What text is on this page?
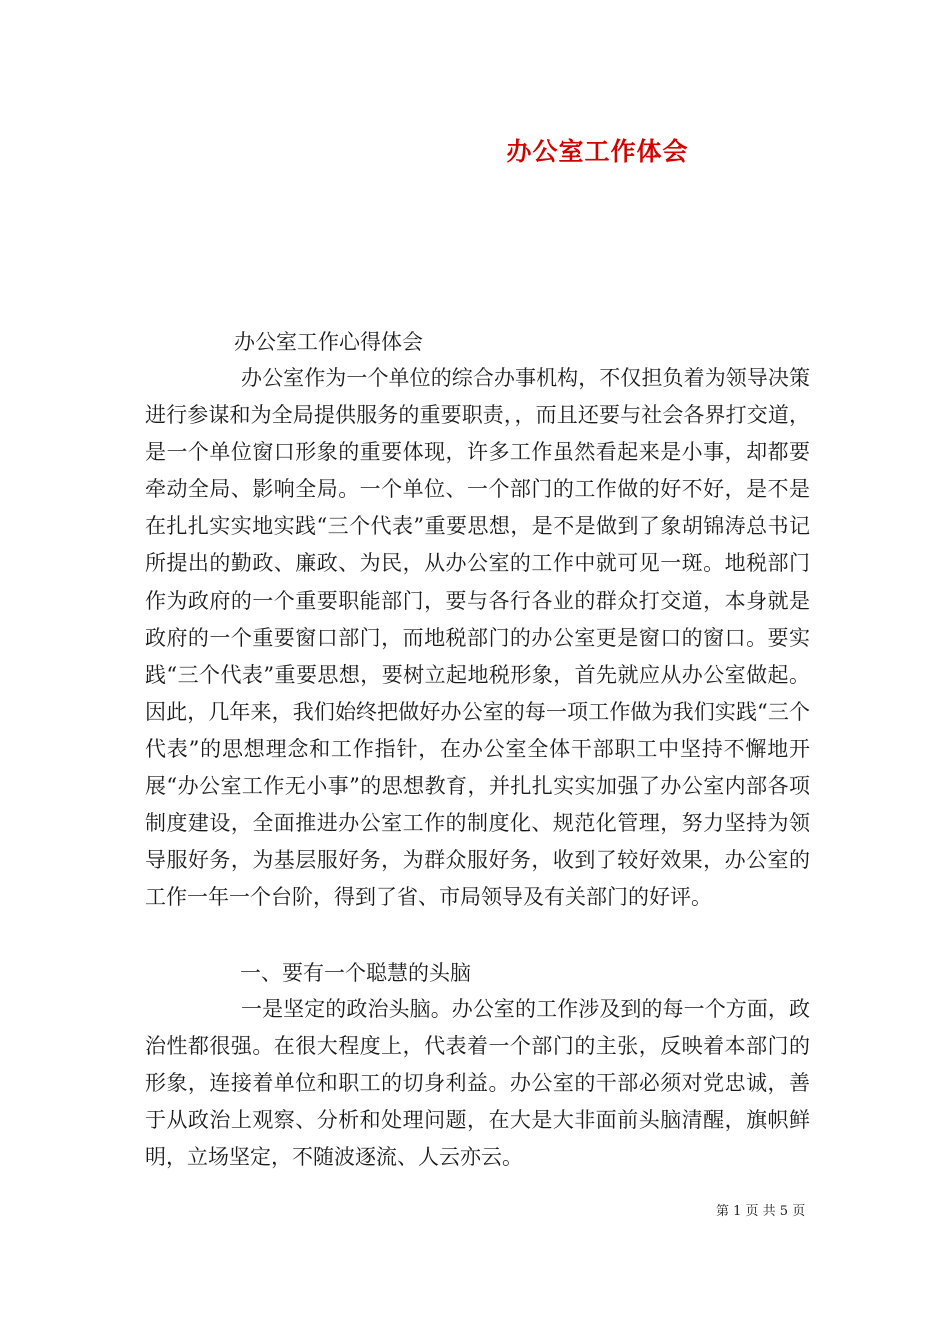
办公室工作体会
办公室工作心得体会
办公室作为一个单位的综合办事机构，不仅担负着为领导决策进行参谋和为全局提供服务的重要职责，，而且还要与社会各界打交道，是一个单位窗口形象的重要体现，许多工作虽然看起来是小事，却都要牵动全局、影响全局。一个单位、一个部门的工作做的好不好，是不是在扎扎实实地实践“三个代表”重要思想，是不是做到了象胡锦涛总书记所提出的勤政、廉政、为民，从办公室的工作中就可见一斑。地税部门作为政府的一个重要职能部门，要与各行各业的群众打交道，本身就是政府的一个重要窗口部门，而地税部门的办公室更是窗口的窗口。要实践“三个代表”重要思想，要树立起地税形象，首先就应从办公室做起。因此，几年来，我们始终把做好办公室的每一项工作做为我们实践“三个代表”的思想理念和工作指针，在办公室全体干部职工中坚持不懈地开展“办公室工作无小事”的思想教育，并扎扎实实加强了办公室内部各项制度建设，全面推进办公室工作的制度化、规范化管理，努力坚持为领导服好务，为基层服好务，为群众服好务，收到了较好效果，办公室的工作一年一个台阶，得到了省、市局领导及有关部门的好评。
一、要有一个聪慧的头脑
一是坚定的政治头脑。办公室的工作涉及到的每一个方面，政治性都很强。在很大程度上，代表着一个部门的主张，反映着本部门的形象，连接着单位和职工的切身利益。办公室的干部必须对党忠诚，善于从政治上观察、分析和处理问题，在大是大非面前头脑清醒，旗帜鲜明，立场坚定，不随波逐流、人云亦云。
第 1 页 共 5 页
